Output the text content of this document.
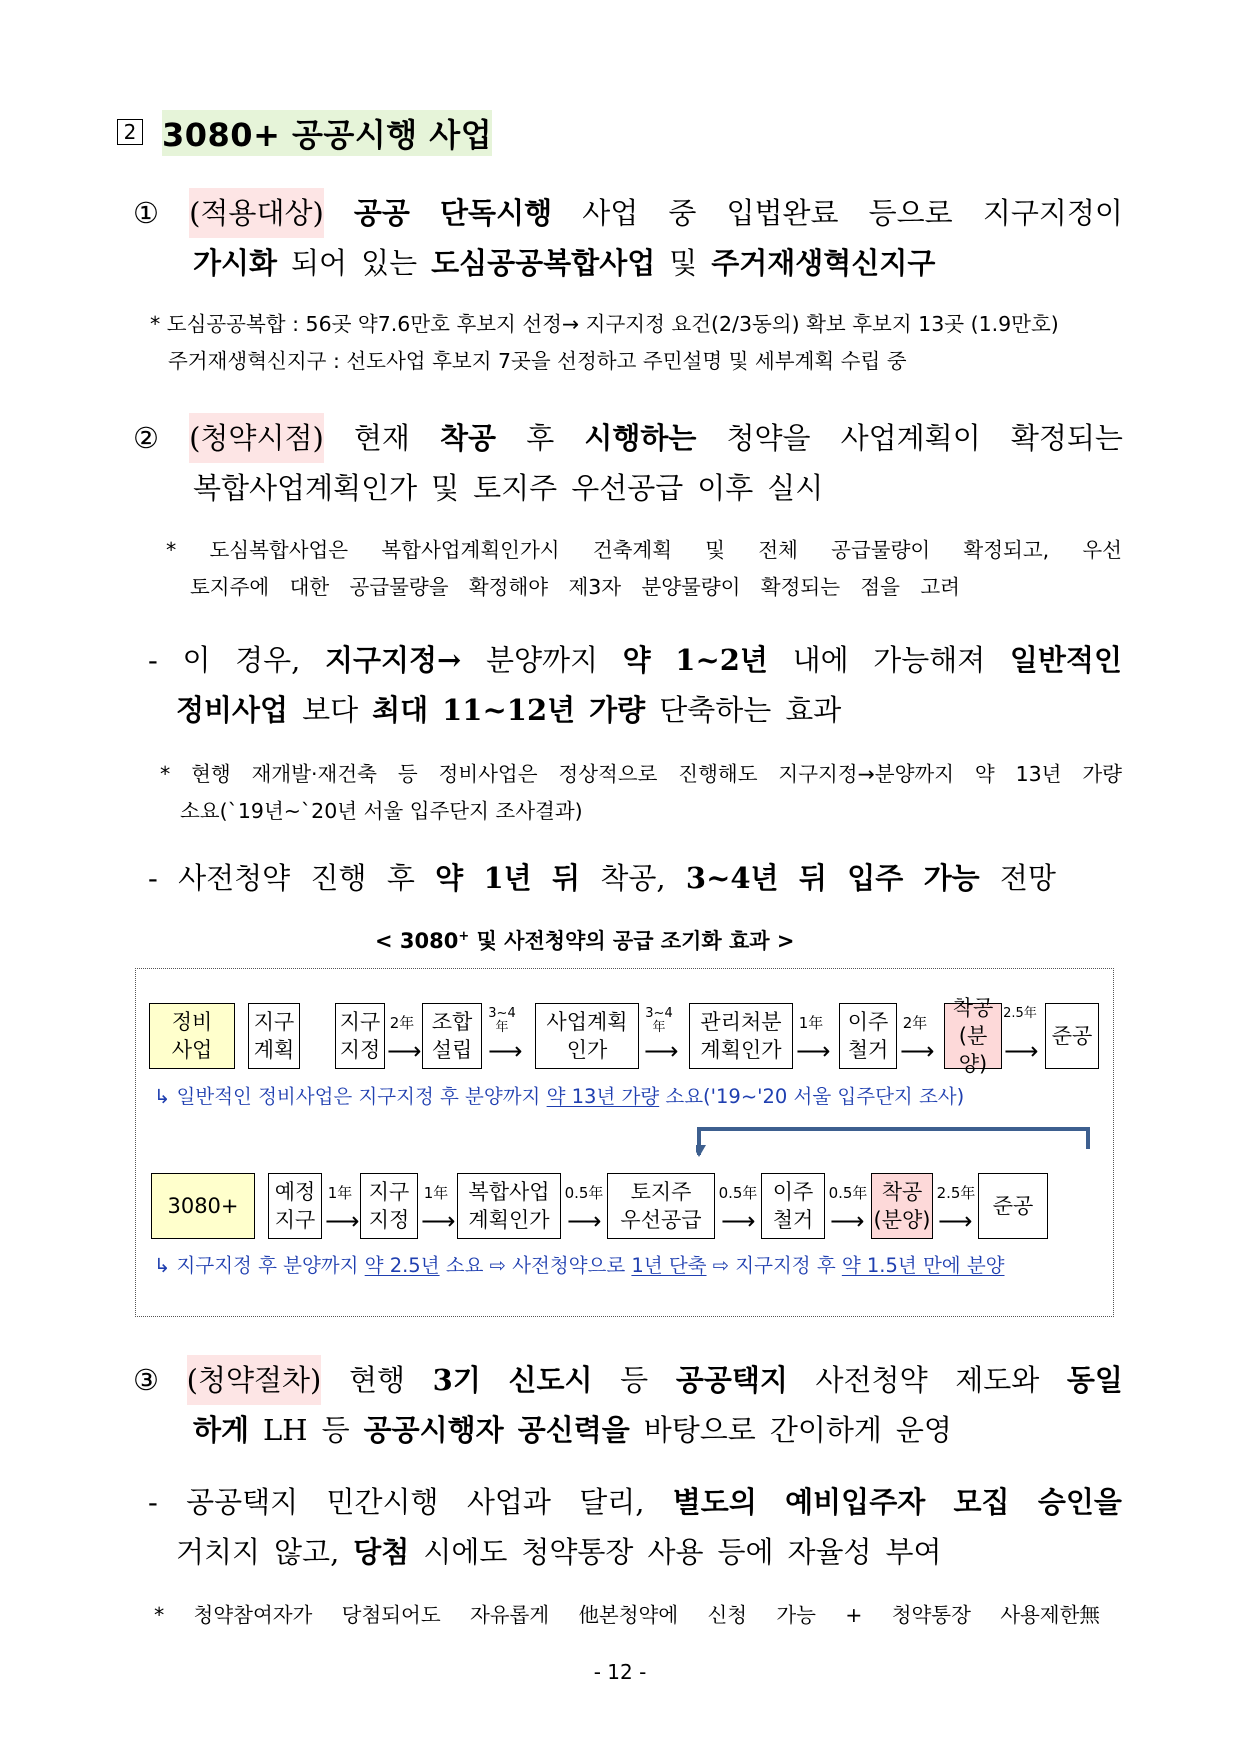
2 3080+ 공공시행 사업
① (적용대상) 공공 단독시행 사업 중 입법완료 등으로 지구지정이
가시화 되어 있는 도심공공복합사업 및 주거재생혁신지구
* 도심공공복합 : 56곳 약7.6만호 후보지 선정→ 지구지정 요건(2/3동의) 확보 후보지 13곳 (1.9만호)
주거재생혁신지구 : 선도사업 후보지 7곳을 선정하고 주민설명 및 세부계획 수립 중
② (청약시점) 현재 착공 후 시행하는 청약을 사업계획이 확정되는
복합사업계획인가 및 토지주 우선공급 이후 실시
* 도심복합사업은 복합사업계획인가시 건축계획 및 전체 공급물량이 확정되고, 우선
토지주에 대한 공급물량을 확정해야 제3자 분양물량이 확정되는 점을 고려
- 이 경우, 지구지정→ 분양까지 약 1~2년 내에 가능해져 일반적인
정비사업 보다 최대 11~12년 가량 단축하는 효과
* 현행 재개발·재건축 등 정비사업은 정상적으로 진행해도 지구지정→분양까지 약 13년 가량
소요(`19년~`20년 서울 입주단지 조사결과)
- 사전청약 진행 후 약 1년 뒤 착공, 3~4년 뒤 입주 가능 전망
< 3080+ 및 사전청약의 공급 조기화 효과 >
정비
사업
지구
계획
지구
지정
2年
⟶
조합
설립
3~4年
⟶
사업계획
인가
3~4年
⟶
관리처분
계획인가
1年
⟶
이주
철거
2年
⟶
착공
(분양)
2.5年
⟶
준공
↳ 일반적인 정비사업은 지구지정 후 분양까지 약 13년 가량 소요('19~'20 서울 입주단지 조사)
3080+
예정
지구
1年
⟶
지구
지정
1年
⟶
복합사업
계획인가
0.5年
⟶
토지주
우선공급
0.5年
⟶
이주
철거
0.5年
⟶
착공
(분양)
2.5年
⟶
준공
↳ 지구지정 후 분양까지 약 2.5년 소요 ⇨ 사전청약으로 1년 단축 ⇨ 지구지정 후 약 1.5년 만에 분양
③ (청약절차) 현행 3기 신도시 등 공공택지 사전청약 제도와 동일
하게 LH 등 공공시행자 공신력을 바탕으로 간이하게 운영
- 공공택지 민간시행 사업과 달리, 별도의 예비입주자 모집 승인을
거치지 않고, 당첨 시에도 청약통장 사용 등에 자율성 부여
* 청약참여자가 당첨되어도 자유롭게 他본청약에 신청 가능 + 청약통장 사용제한無
- 12 -
